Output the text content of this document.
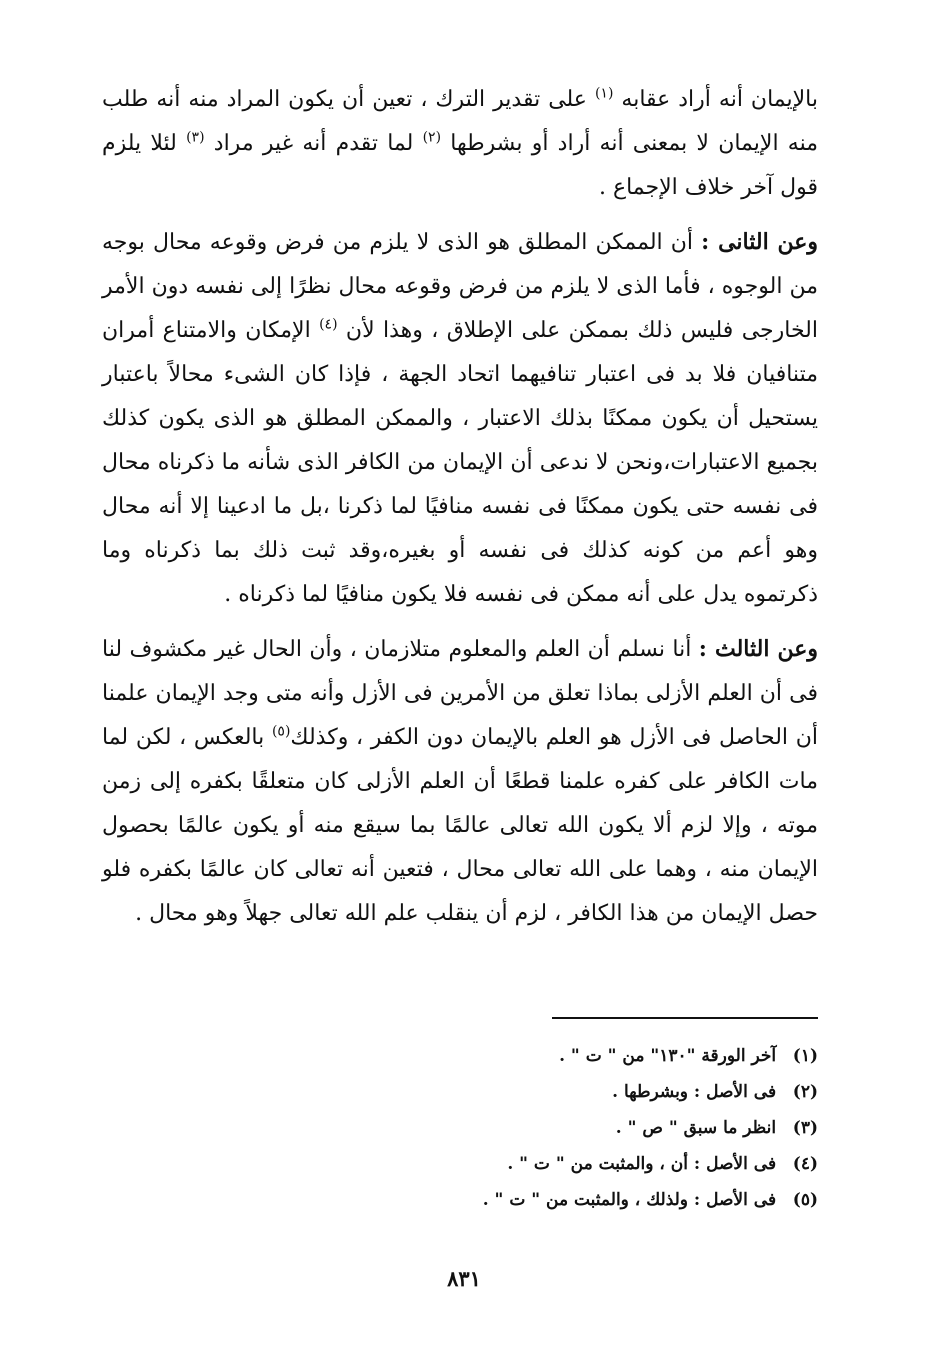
بالإيمان أنه أراد عقابه $^{(١)}$ على تقدير الترك ، تعين أن يكون المراد منه أنه طلب منه الإيمان لا بمعنى أنه أراد أو بشرطها $^{(٢)}$ لما تقدم أنه غير مراد $^{(٣)}$ لئلا يلزم قول آخر خلاف الإجماع .

وعن الثانى : أن الممكن المطلق هو الذى لا يلزم من فرض وقوعه محال بوجه من الوجوه ، فأما الذى لا يلزم من فرض وقوعه محال نظرًا إلى نفسه دون الأمر الخارجى فليس ذلك بممكن على الإطلاق ، وهذا لأن $^{(٤)}$ الإمكان والامتناع أمران متنافيان فلا بد فى اعتبار تنافيهما اتحاد الجهة ، فإذا كان الشىء محالاً باعتبار يستحيل أن يكون ممكنًا بذلك الاعتبار ، والممكن المطلق هو الذى يكون كذلك بجميع الاعتبارات،ونحن لا ندعى أن الإيمان من الكافر الذى شأنه ما ذكرناه محال فى نفسه حتى يكون ممكنًا فى نفسه منافيًا لما ذكرنا ،بل ما ادعينا إلا أنه محال وهو أعم من كونه كذلك فى نفسه أو بغيره،وقد ثبت ذلك بما ذكرناه وما ذكرتموه يدل على أنه ممكن فى نفسه فلا يكون منافيًا لما ذكرناه .

وعن الثالث : أنا نسلم أن العلم والمعلوم متلازمان ، وأن الحال غير مكشوف لنا فى أن العلم الأزلى بماذا تعلق من الأمرين فى الأزل وأنه متى وجد الإيمان علمنا أن الحاصل فى الأزل هو العلم بالإيمان دون الكفر ، وكذلك$^{(٥)}$ بالعكس ، لكن لما مات الكافر على كفره علمنا قطعًا أن العلم الأزلى كان متعلقًا بكفره إلى زمن موته ، وإلا لزم ألا يكون الله تعالى عالمًا بما سيقع منه أو يكون عالمًا بحصول الإيمان منه ، وهما على الله تعالى محال ، فتعين أنه تعالى كان عالمًا بكفره فلو حصل الإيمان من هذا الكافر ، لزم أن ينقلب علم الله تعالى جهلاً وهو محال .

(١) آخر الورقة "١٣٠" من " ت " .

(٢) فى الأصل : وبشرطها .

(٣) انظر ما سبق " ص " .

(٤) فى الأصل : أن ، والمثبت من " ت " .

(٥) فى الأصل : ولذلك ، والمثبت من " ت " .

٨٣١
